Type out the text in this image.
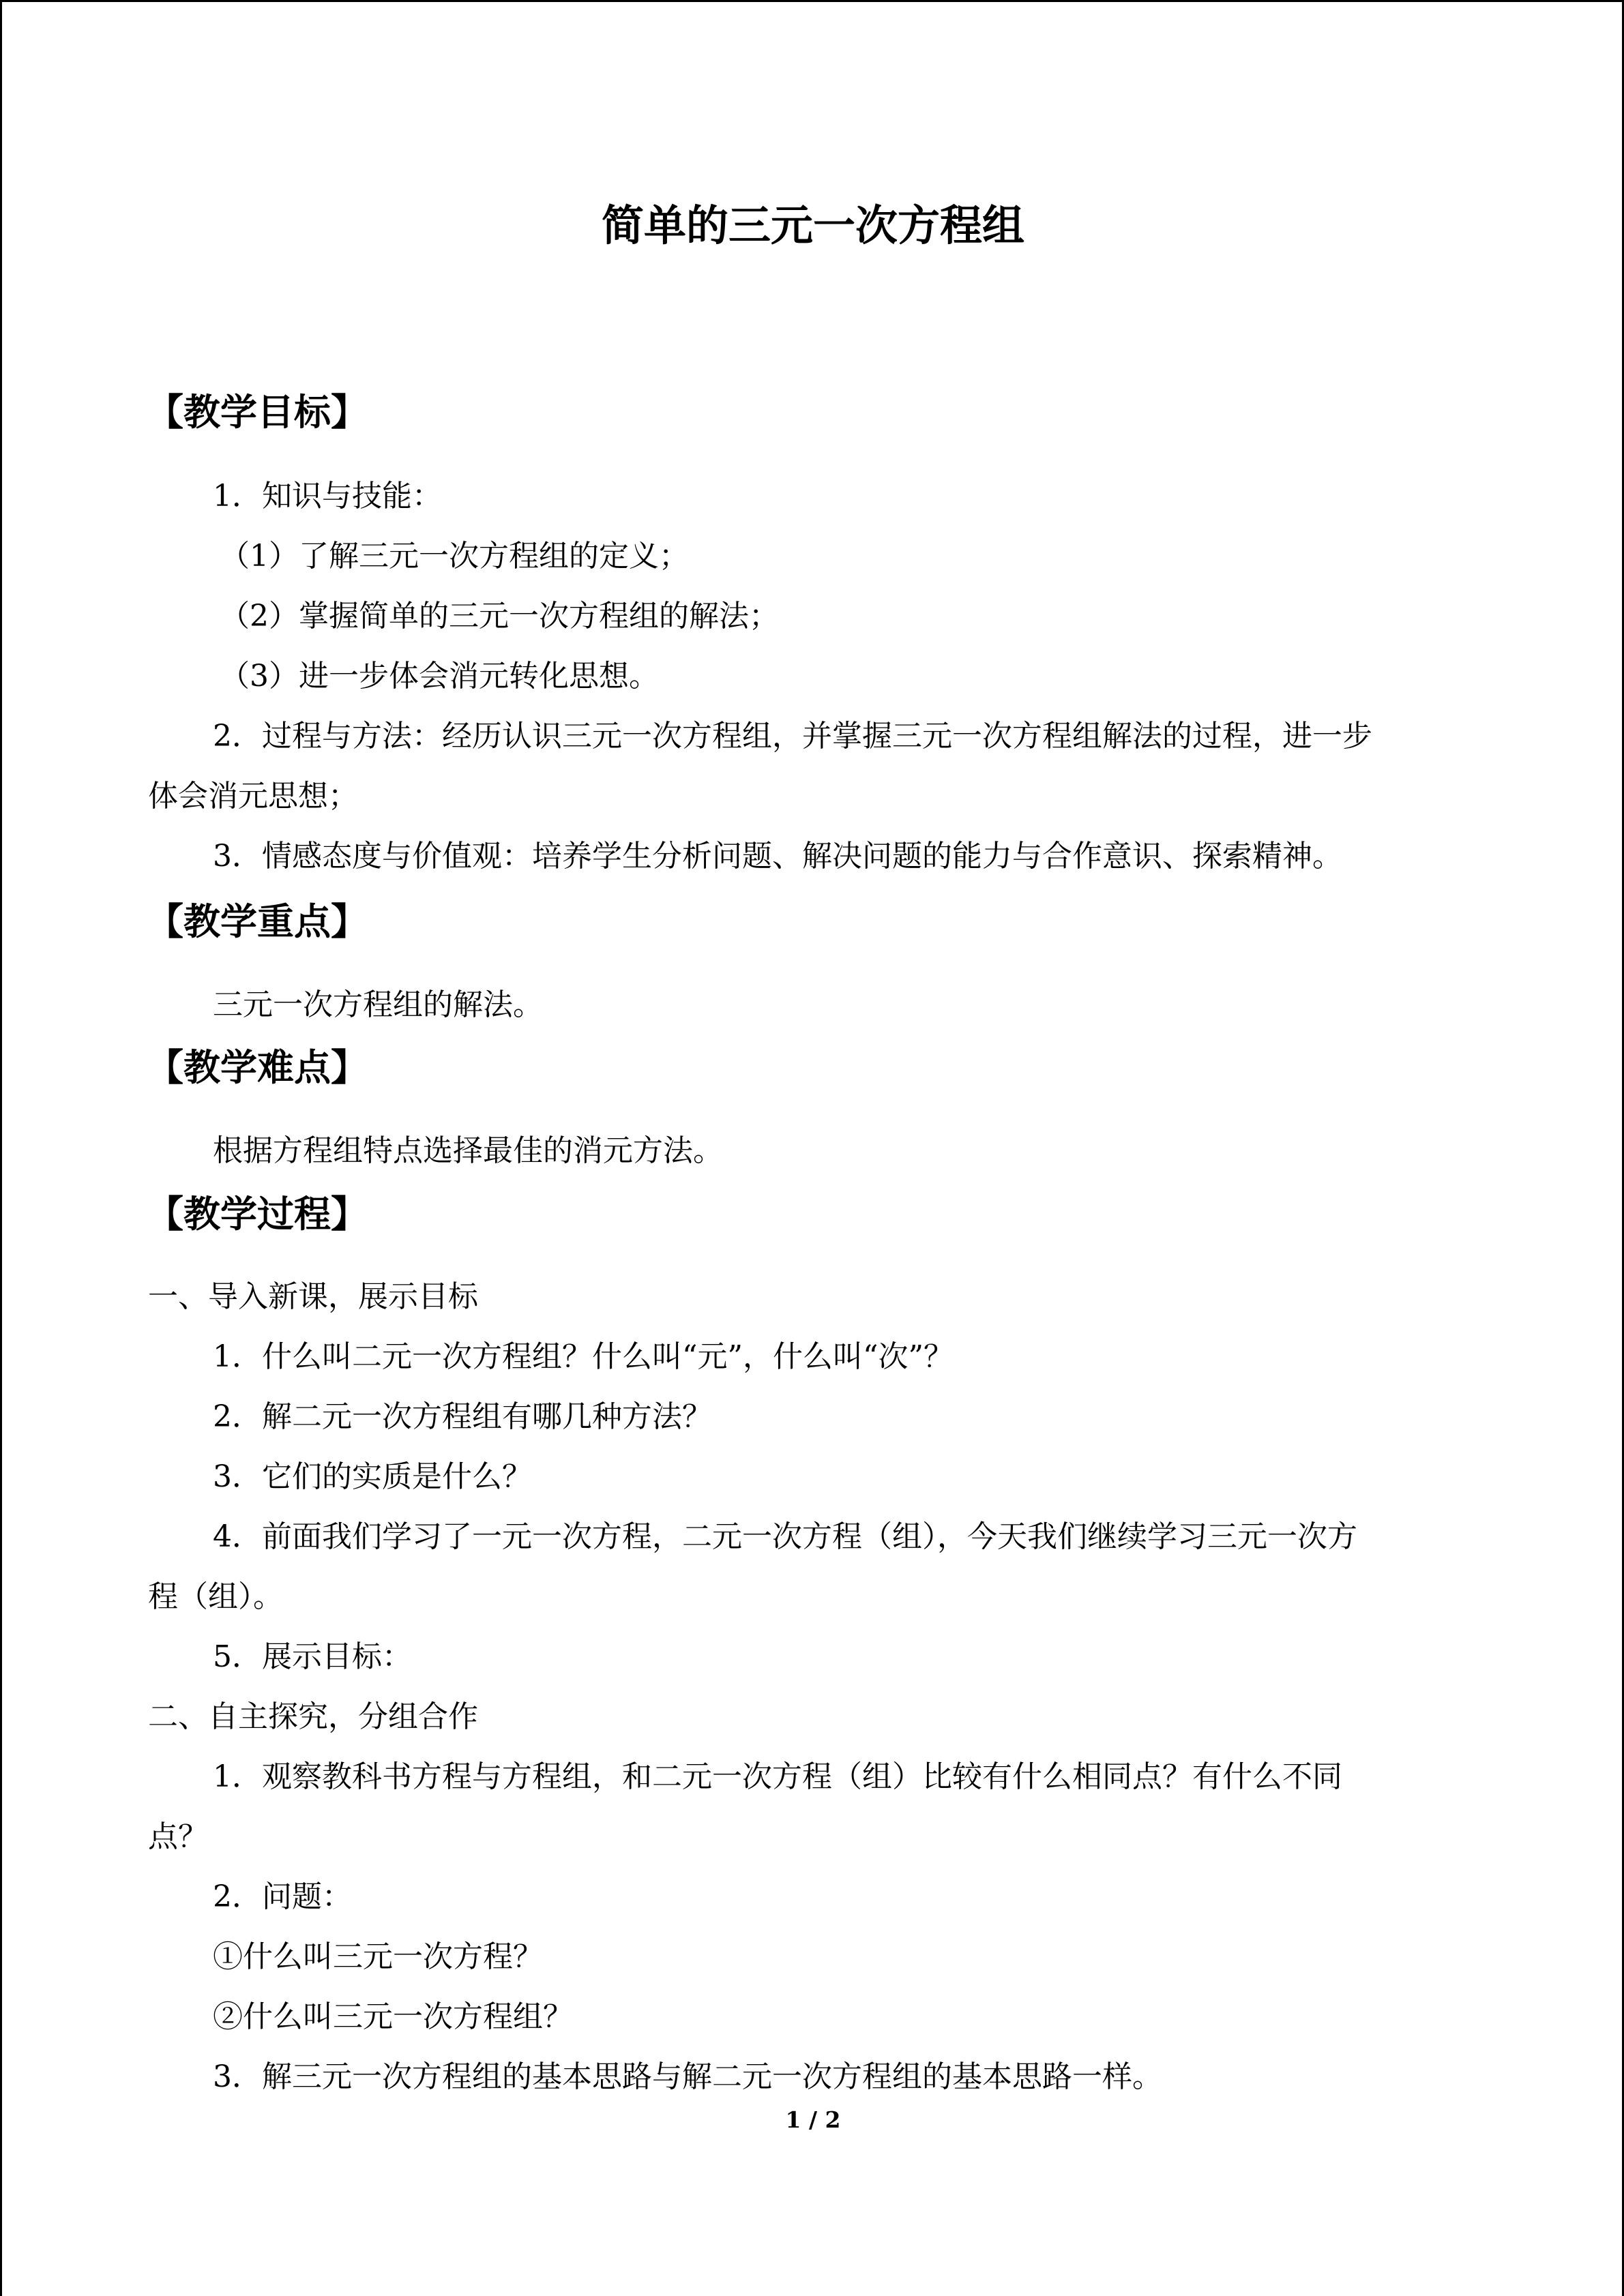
简单的三元一次方程组
【教学目标】
1．知识与技能：
（1）了解三元一次方程组的定义；
（2）掌握简单的三元一次方程组的解法；
（3）进一步体会消元转化思想。
2．过程与方法：经历认识三元一次方程组，并掌握三元一次方程组解法的过程，进一步
体会消元思想；
3．情感态度与价值观：培养学生分析问题、解决问题的能力与合作意识、探索精神。
【教学重点】
三元一次方程组的解法。
【教学难点】
根据方程组特点选择最佳的消元方法。
【教学过程】
一、导入新课，展示目标
1．什么叫二元一次方程组？什么叫“元”，什么叫“次”？
2．解二元一次方程组有哪几种方法？
3．它们的实质是什么？
4．前面我们学习了一元一次方程，二元一次方程（组），今天我们继续学习三元一次方
程（组）。
5．展示目标：
二、自主探究，分组合作
1．观察教科书方程与方程组，和二元一次方程（组）比较有什么相同点？有什么不同
点？
2．问题：
①什么叫三元一次方程？
②什么叫三元一次方程组？
3．解三元一次方程组的基本思路与解二元一次方程组的基本思路一样。
1 / 2
